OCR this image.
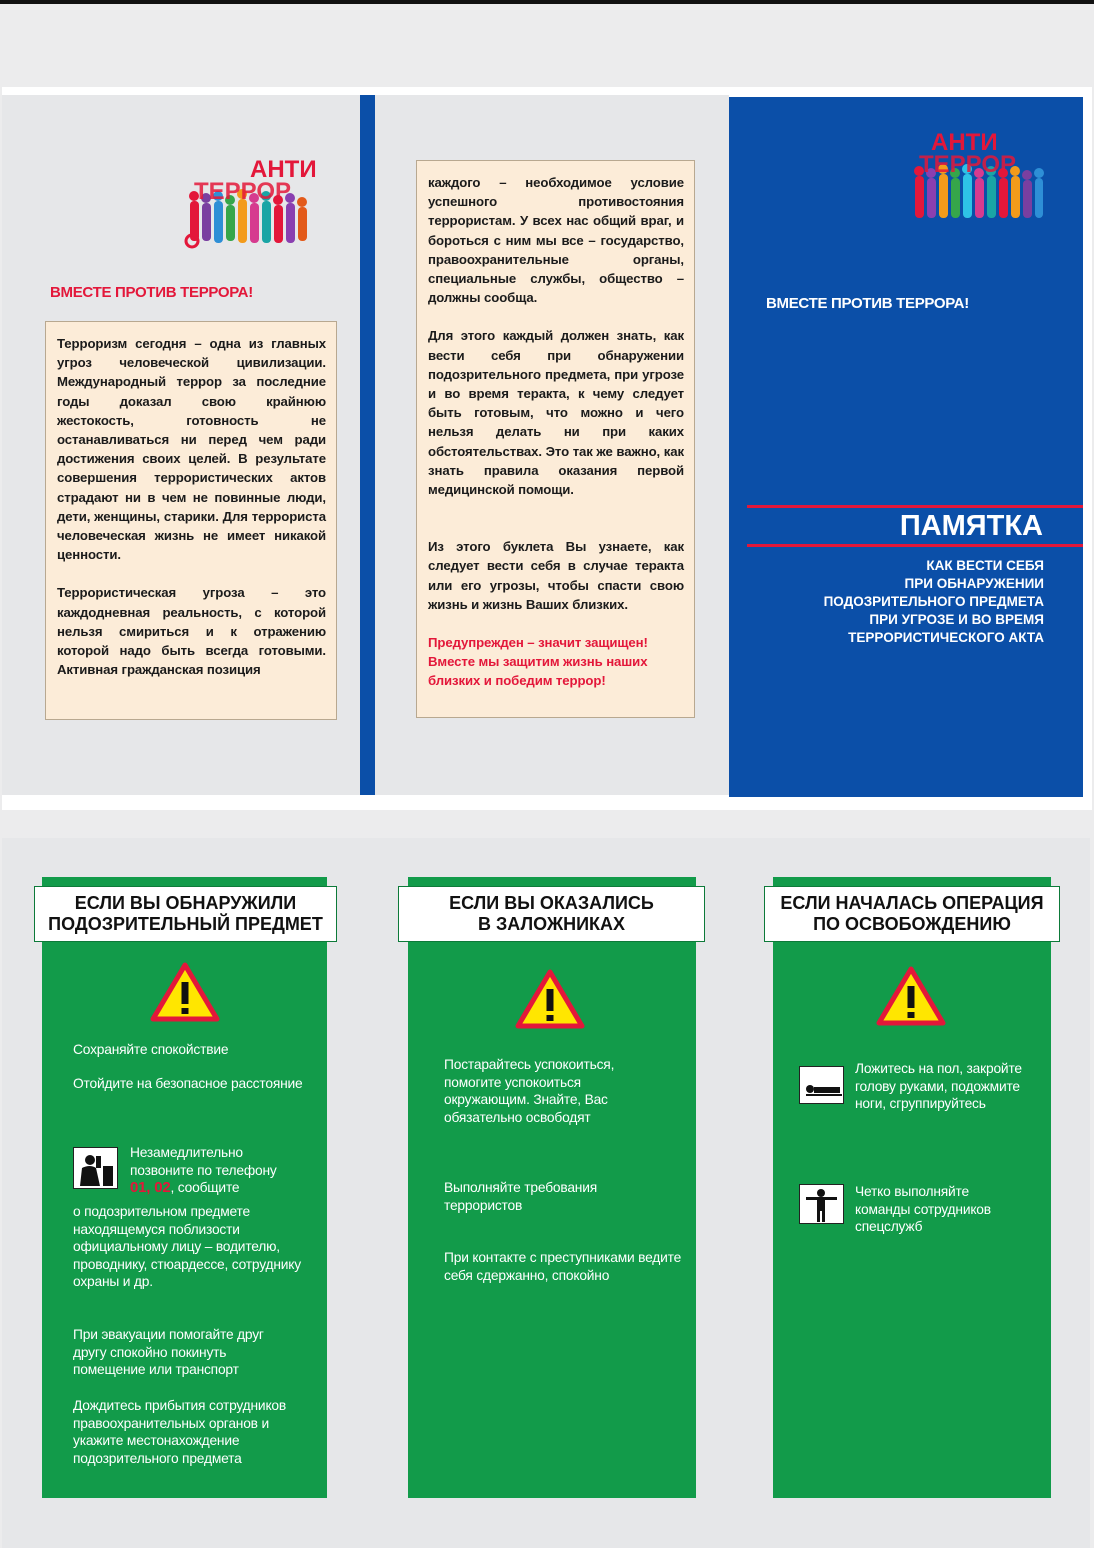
АНТИ
ТЕРРОР
ВМЕСТЕ ПРОТИВ ТЕРРОРА!

Терроризм сегодня – одна из главных угроз человеческой цивилизации. Международный террор за последние годы доказал свою крайнюю жестокость, готовность не останавливаться ни перед чем ради достижения своих целей. В результате совершения террористических актов страдают ни в чем не повинные люди, дети, женщины, старики. Для террориста человеческая жизнь не имеет никакой ценности.

Террористическая угроза – это каждодневная реальность, с которой нельзя смириться и к отражению которой надо быть всегда готовыми. Активная гражданская позиция

каждого – необходимое условие успешного противостояния террористам. У всех нас общий враг, и бороться с ним мы все – государство, правоохранительные органы, специальные службы, общество – должны сообща.

Для этого каждый должен знать, как вести себя при обнаружении подозрительного предмета, при угрозе и во время теракта, к чему следует быть готовым, что можно и чего нельзя делать ни при каких обстоятельствах. Это так же важно, как знать правила оказания первой медицинской помощи.

Из этого буклета Вы узнаете, как следует вести себя в случае теракта или его угрозы, чтобы спасти свою жизнь и жизнь Ваших близких.

Предупрежден – значит защищен! Вместе мы защитим жизнь наших близких и победим террор!

АНТИ
ТЕРРОР
ВМЕСТЕ ПРОТИВ ТЕРРОРА!
ПАМЯТКА
КАК ВЕСТИ СЕБЯ
ПРИ ОБНАРУЖЕНИИ
ПОДОЗРИТЕЛЬНОГО ПРЕДМЕТА
ПРИ УГРОЗЕ И ВО ВРЕМЯ
ТЕРРОРИСТИЧЕСКОГО АКТА
ЕСЛИ ВЫ ОБНАРУЖИЛИ
ПОДОЗРИТЕЛЬНЫЙ ПРЕДМЕТ
Сохраняйте спокойствие
Отойдите на безопасное расстояние
Незамедлительно позвоните по телефону
01, 02, сообщите
о подозрительном предмете находящемуся поблизости официальному лицу – водителю, проводнику, стюардессе, сотруднику охраны и др.
При эвакуации помогайте друг другу спокойно покинуть помещение или транспорт
Дождитесь прибытия сотрудников правоохранительных органов и укажите местонахождение подозрительного предмета
ЕСЛИ ВЫ ОКАЗАЛИСЬ
В ЗАЛОЖНИКАХ
Постарайтесь успокоиться, помогите успокоиться окружающим. Знайте, Вас обязательно освободят
Выполняйте требования террористов
При контакте с преступниками ведите себя сдержанно, спокойно
ЕСЛИ НАЧАЛАСЬ ОПЕРАЦИЯ
ПО ОСВОБОЖДЕНИЮ
Ложитесь на пол, закройте голову руками, подожмите ноги, сгруппируйтесь
Четко выполняйте команды сотрудников спецслужб
